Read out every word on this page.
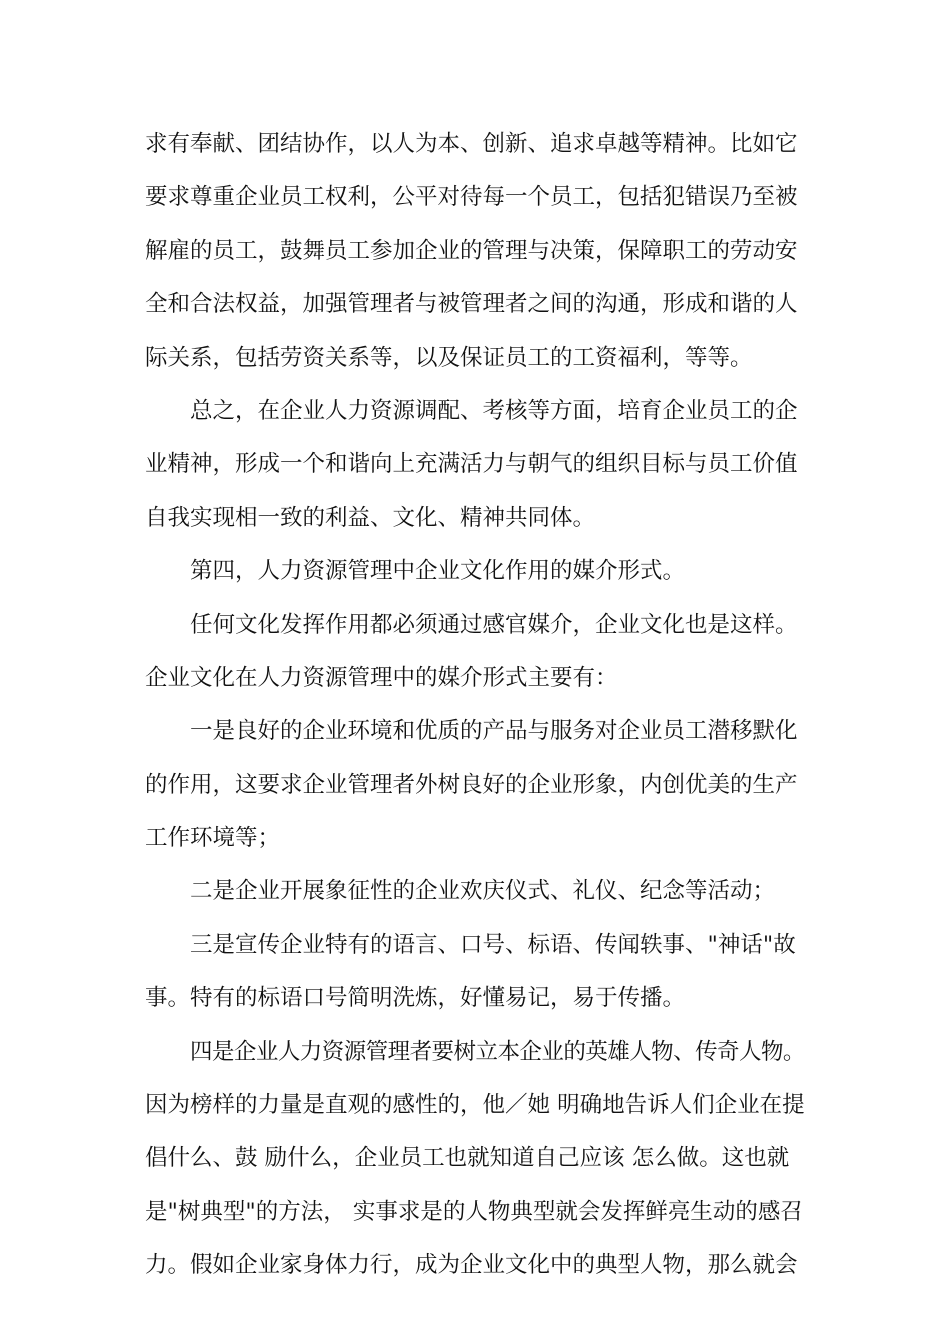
求有奉献、团结协作，以人为本、创新、追求卓越等精神。比如它
要求尊重企业员工权利，公平对待每一个员工，包括犯错误乃至被
解雇的员工，鼓舞员工参加企业的管理与决策，保障职工的劳动安
全和合法权益，加强管理者与被管理者之间的沟通，形成和谐的人
际关系，包括劳资关系等，以及保证员工的工资福利，等等。
总之，在企业人力资源调配、考核等方面，培育企业员工的企
业精神，形成一个和谐向上充满活力与朝气的组织目标与员工价值
自我实现相一致的利益、文化、精神共同体。
第四，人力资源管理中企业文化作用的媒介形式。
任何文化发挥作用都必须通过感官媒介，企业文化也是这样。
企业文化在人力资源管理中的媒介形式主要有：
一是良好的企业环境和优质的产品与服务对企业员工潜移默化
的作用，这要求企业管理者外树良好的企业形象，内创优美的生产
工作环境等；
二是企业开展象征性的企业欢庆仪式、礼仪、纪念等活动；
三是宣传企业特有的语言、口号、标语、传闻轶事、"神话"故
事。特有的标语口号简明洗炼，好懂易记，易于传播。
四是企业人力资源管理者要树立本企业的英雄人物、传奇人物。
因为榜样的力量是直观的感性的，他／她 明确地告诉人们企业在提
倡什么、鼓 励什么，企业员工也就知道自己应该 怎么做。这也就
是"树典型"的方法， 实事求是的人物典型就会发挥鲜亮生动的感召
力。假如企业家身体力行，成为企业文化中的典型人物，那么就会
